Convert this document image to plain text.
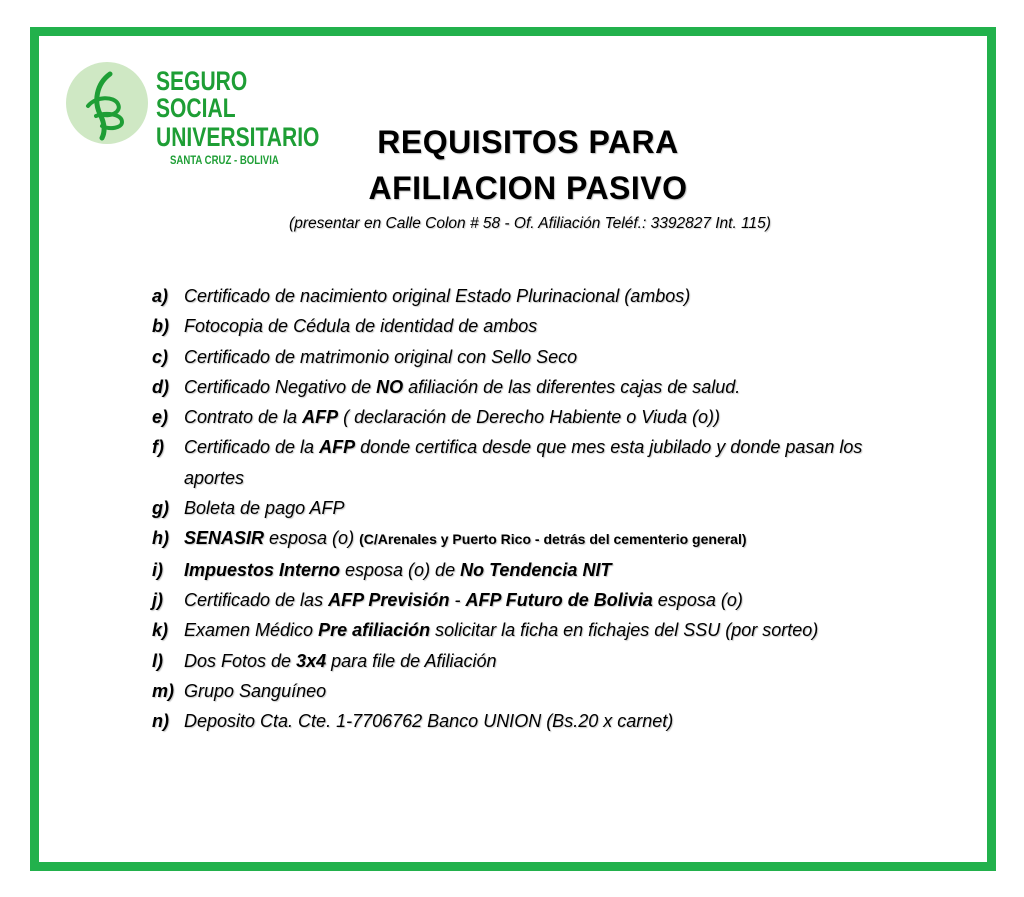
SEGURO SOCIAL
UNIVERSITARIO
SANTA CRUZ - BOLIVIA	REQUISITOS PARA
AFILIACION PASIVO
(presentar en Calle Colon # 58 - Of. Afiliación Teléf.: 3392827 Int. 115)
a) Certificado de nacimiento original Estado Plurinacional (ambos)
b) Fotocopia de Cédula de identidad de ambos
c) Certificado de matrimonio original con Sello Seco
d) Certificado Negativo de NO afiliación de las diferentes cajas de salud.
e) Contrato de la AFP ( declaración de Derecho Habiente o Viuda (o))
f)	Certificado de la AFP donde certifica desde que mes esta jubilado y donde pasan los aportes
g) Boleta de pago AFP
h) SENASIR esposa (o) (C/Arenales y Puerto Rico - detrás del cementerio general)
i)	Impuestos Interno esposa (o) de No Tendencia NIT
j)	Certificado de las AFP Previsión - AFP Futuro de Bolivia esposa (o)
k) Examen Médico Pre afiliación solicitar la ficha en fichajes del SSU (por sorteo)
l)	Dos Fotos de 3x4 para file de Afiliación
m) Grupo Sanguíneo
n) Deposito Cta. Cte. 1-7706762 Banco UNION (Bs.20 x carnet)
